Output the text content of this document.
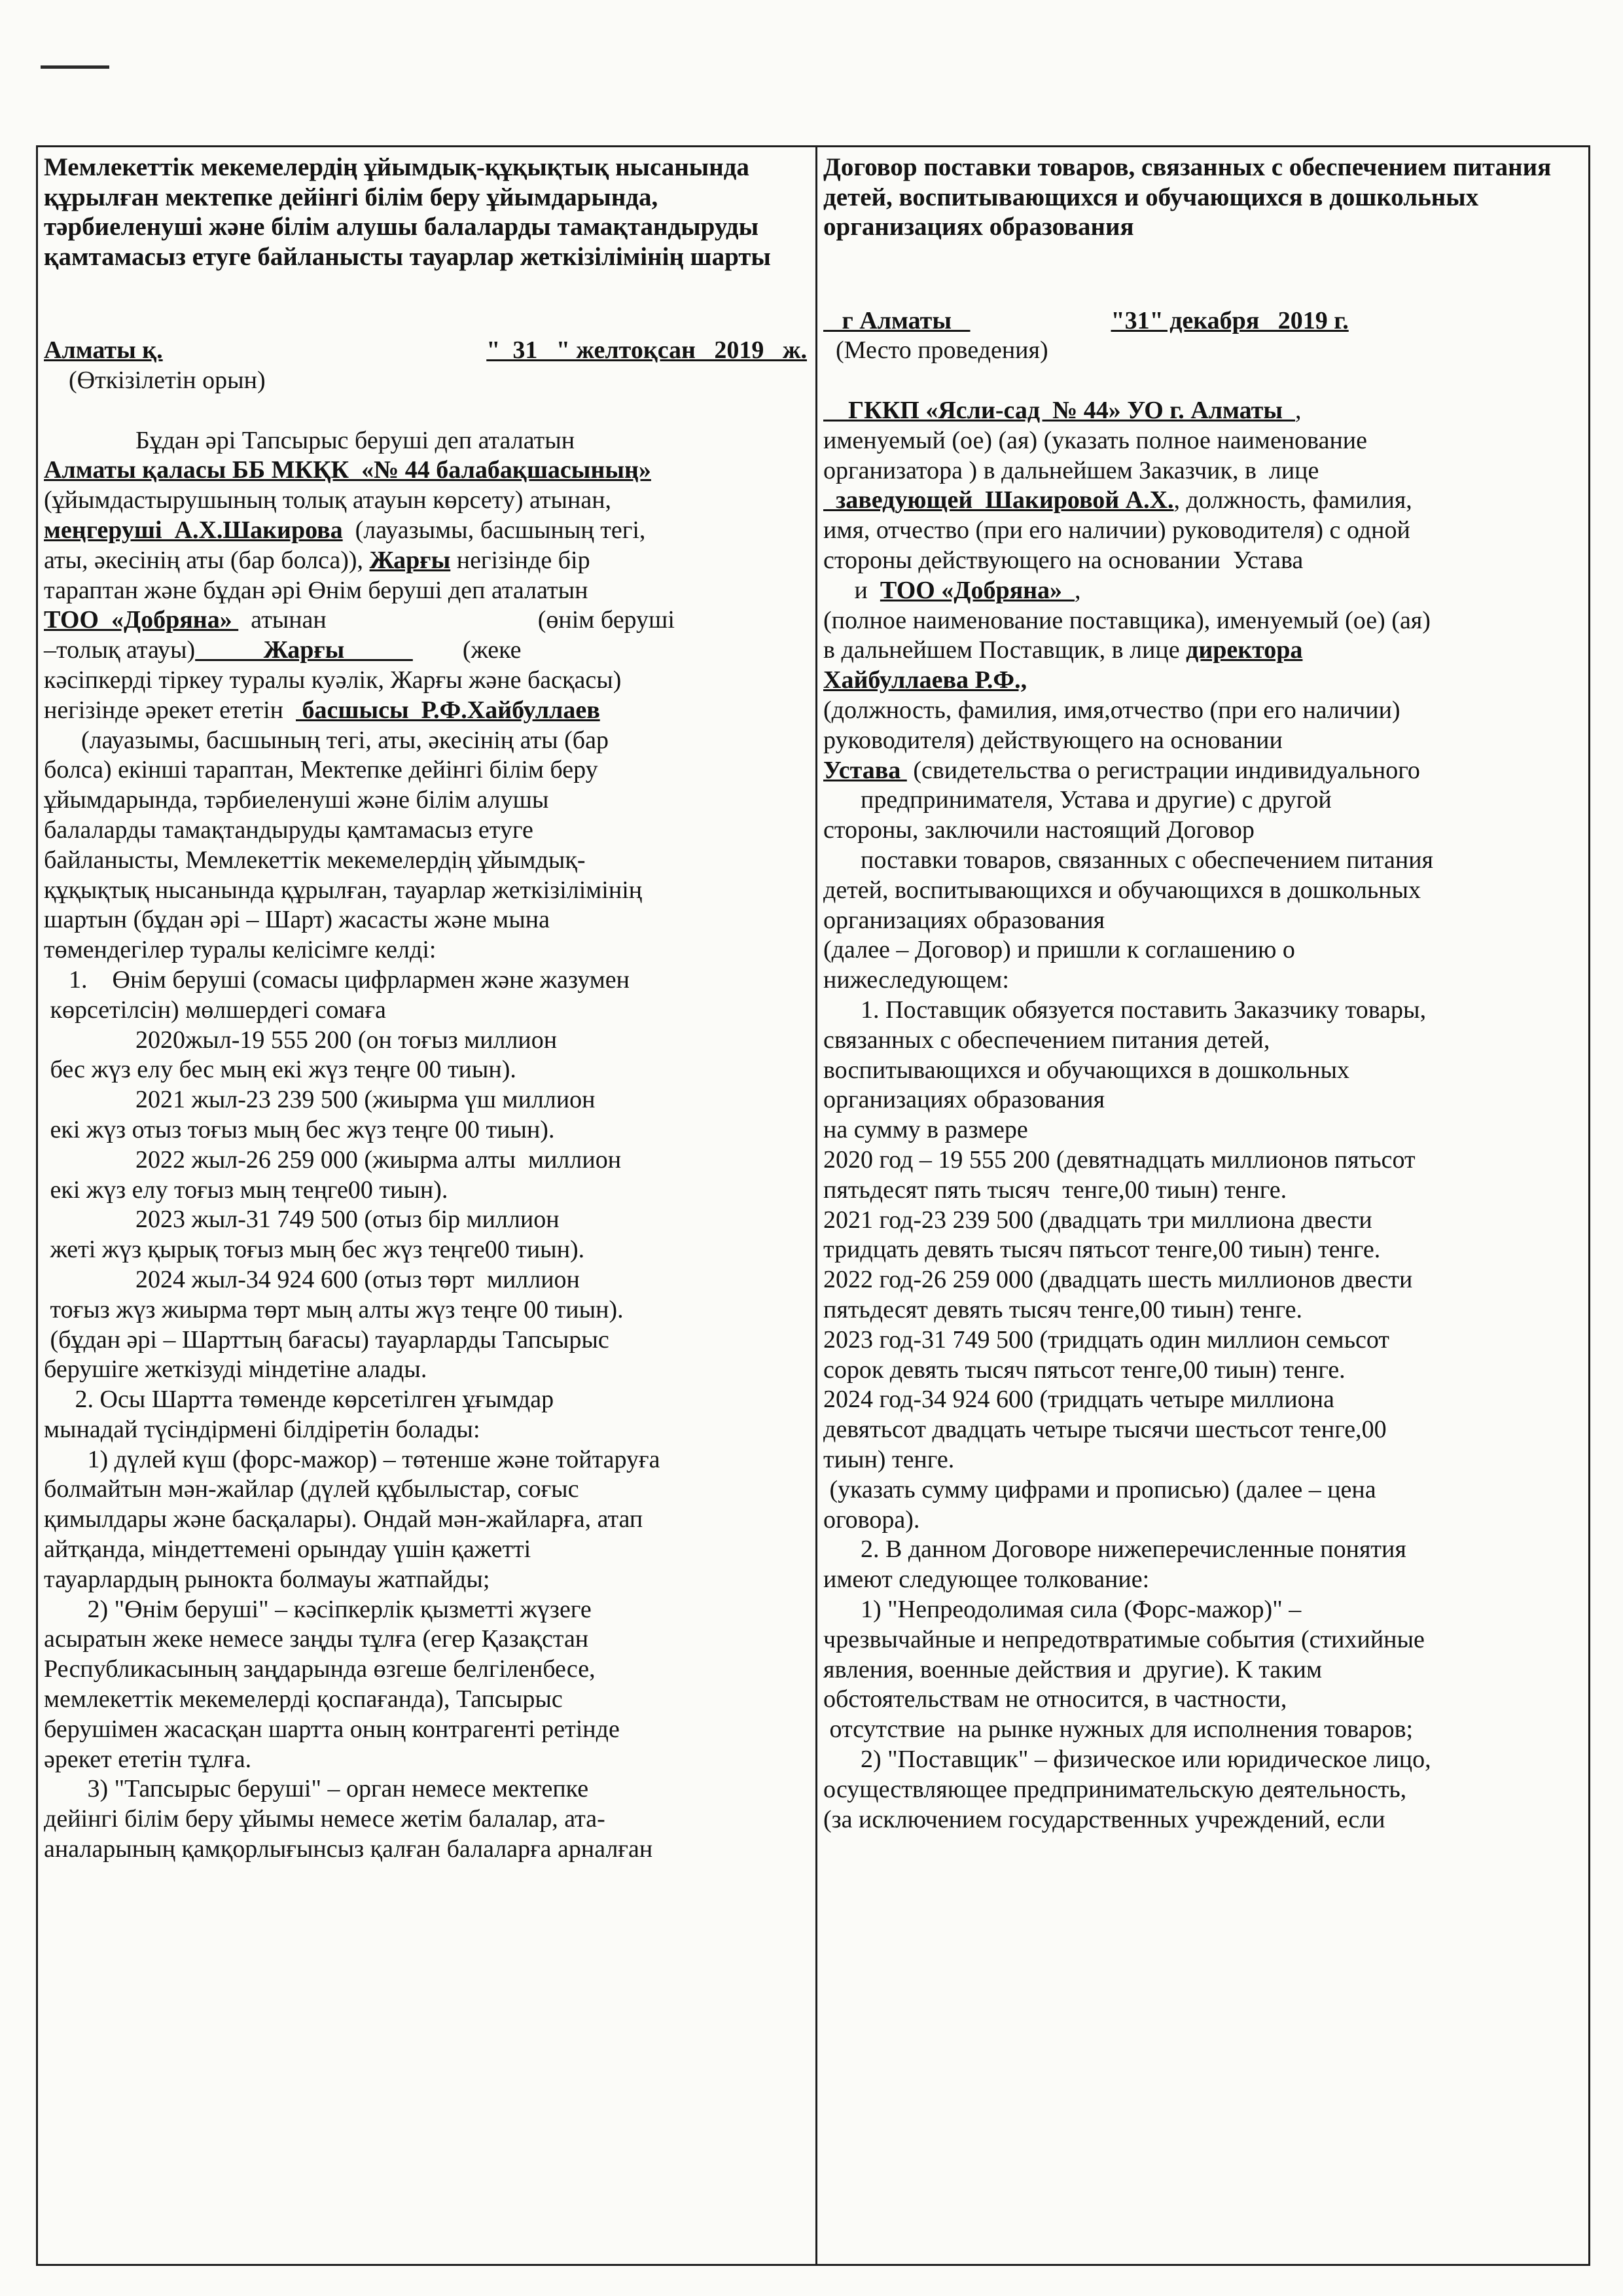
Мемлекеттік мекемелердің ұйымдық-құқықтық нысанында құрылған мектепке дейінгі білім беру ұйымдарында, тәрбиеленуші және білім алушы балаларды тамақтандыруды қамтамасыз етуге байланысты тауарлар жеткізілімінің шарты

Алматы қ.	"  31   " желтоқсан   2019   ж.
(Өткізілетін орын)
Бұдан әрі Тапсырыс беруші деп аталатын
Алматы қаласы ББ МКҚК  «№ 44 балабақшасының»
(ұйымдастырушының толық атауын көрсету) атынан,
меңгеруші  А.Х.Шакирова  (лауазымы, басшының тегі,
аты, әкесінің аты (бар болса)), Жарғы негізінде бір
тараптан және бұдан әрі Өнім беруші деп аталатын
ТОО  «Добряна»   атынан                                  (өнім беруші
–толық атауы)           Жарғы                   (жеке
кәсіпкерді тіркеу туралы куәлік, Жарғы және басқасы)
негізінде әрекет ететін   басшысы  Р.Ф.Хайбуллаев
(лауазымы, басшының тегі, аты, әкесінің аты (бар
болса) екінші тараптан, Мектепке дейінгі білім беру
ұйымдарында, тәрбиеленуші және білім алушы
балаларды тамақтандыруды қамтамасыз етуге
байланысты, Мемлекеттік мекемелердің ұйымдық-
құқықтық нысанында құрылған, тауарлар жеткізілімінің
шартын (бұдан әрі – Шарт) жасасты және мына
төмендегілер туралы келісімге келді:
1.    Өнім беруші (сомасы цифрлармен және жазумен
көрсетілсін) мөлшердегі сомаға
2020жыл-19 555 200 (он тоғыз миллион
бес жүз елу бес мың екі жүз теңге 00 тиын).
2021 жыл-23 239 500 (жиырма үш миллион
екі жүз отыз тоғыз мың бес жүз теңге 00 тиын).
2022 жыл-26 259 000 (жиырма алты  миллион
екі жүз елу тоғыз мың теңге00 тиын).
2023 жыл-31 749 500 (отыз бір миллион
жеті жүз қырық тоғыз мың бес жүз теңге00 тиын).
2024 жыл-34 924 600 (отыз төрт  миллион
тоғыз жүз жиырма төрт мың алты жүз теңге 00 тиын).
(бұдан әрі – Шарттың бағасы) тауарларды Тапсырыс
берушіге жеткізуді міндетіне алады.
2. Осы Шартта төменде көрсетілген ұғымдар
мынадай түсіндірмені білдіретін болады:
1) дүлей күш (форс-мажор) – төтенше және тойтаруға
болмайтын мән-жайлар (дүлей құбылыстар, соғыс
қимылдары және басқалары). Ондай мән-жайларға, атап
айтқанда, міндеттемені орындау үшін қажетті
тауарлардың рынокта болмауы жатпайды;
2) "Өнім беруші" – кәсіпкерлік қызметті жүзеге
асыратын жеке немесе заңды тұлға (егер Қазақстан
Республикасының заңдарында өзгеше белгіленбесе,
мемлекеттік мекемелерді қоспағанда), Тапсырыс
берушімен жасасқан шартта оның контрагенті ретінде
әрекет ететін тұлға.
3) "Тапсырыс беруші" – орган немесе мектепке
дейінгі білім беру ұйымы немесе жетім балалар, ата-
аналарының қамқорлығынсыз қалған балаларға арналған

Договор поставки товаров, связанных с обеспечением питания детей, воспитывающихся и обучающихся в дошкольных

организациях образования

г Алматы	"31" декабря   2019 г.
(Место проведения)
ГККП «Ясли-сад  № 44» УО г. Алматы  ,
именуемый (ое) (ая) (указать полное наименование
организатора ) в дальнейшем Заказчик, в  лице
заведующей  Шакировой А.Х., должность, фамилия,
имя, отчество (при его наличии) руководителя) с одной
стороны действующего на основании  Устава
и  ТОО «Добряна»  ,
(полное наименование поставщика), именуемый (ое) (ая)
в дальнейшем Поставщик, в лице директора
Хайбуллаева Р.Ф.,
(должность, фамилия, имя,отчество (при его наличии)
руководителя) действующего на основании
Устава  (свидетельства о регистрации индивидуального
предпринимателя, Устава и другие) с другой
стороны, заключили настоящий Договор
поставки товаров, связанных с обеспечением питания
детей, воспитывающихся и обучающихся в дошкольных
организациях образования
(далее – Договор) и пришли к соглашению о
нижеследующем:
1. Поставщик обязуется поставить Заказчику товары,
связанных с обеспечением питания детей,
воспитывающихся и обучающихся в дошкольных
организациях образования
на сумму в размере
2020 год – 19 555 200 (девятнадцать миллионов пятьсот
пятьдесят пять тысяч  тенге,00 тиын) тенге.
2021 год-23 239 500 (двадцать три миллиона двести
тридцать девять тысяч пятьсот тенге,00 тиын) тенге.
2022 год-26 259 000 (двадцать шесть миллионов двести
пятьдесят девять тысяч тенге,00 тиын) тенге.
2023 год-31 749 500 (тридцать один миллион семьсот
сорок девять тысяч пятьсот тенге,00 тиын) тенге.
2024 год-34 924 600 (тридцать четыре миллиона
девятьсот двадцать четыре тысячи шестьсот тенге,00
тиын) тенге.
(указать сумму цифрами и прописью) (далее – цена
оговора).
2. В данном Договоре нижеперечисленные понятия
имеют следующее толкование:
1) "Непреодолимая сила (Форс-мажор)" –
чрезвычайные и непредотвратимые события (стихийные
явления, военные действия и  другие). К таким
обстоятельствам не относится, в частности,
отсутствие  на рынке нужных для исполнения товаров;
2) "Поставщик" – физическое или юридическое лицо,
осуществляющее предпринимательскую деятельность,
(за исключением государственных учреждений, если
